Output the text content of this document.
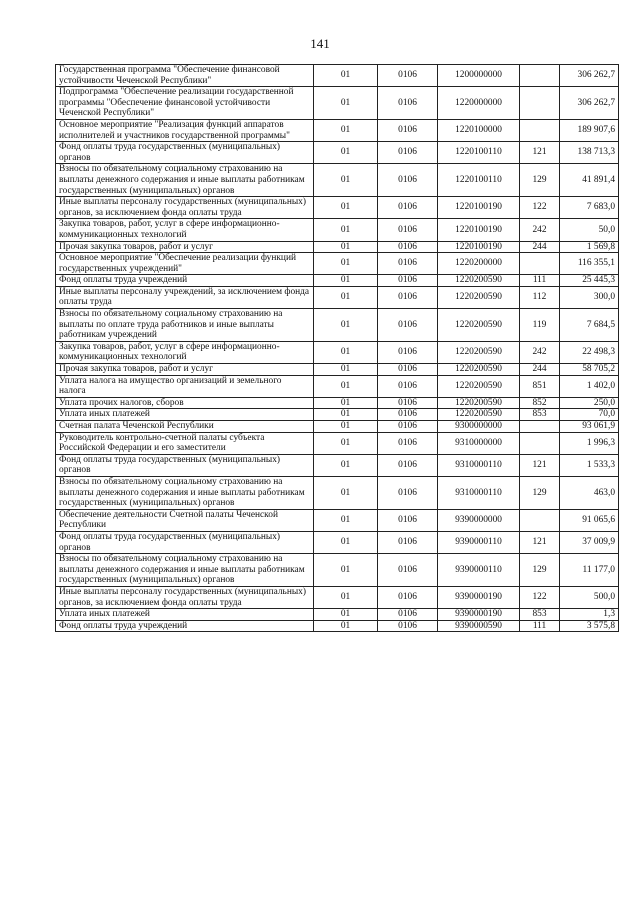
141
Государственная программа "Обеспечение финансовой устойчивости Чеченской Республики"	01	0106	1200000000		306 262,7
Подпрограмма "Обеспечение реализации государственной программы "Обеспечение финансовой устойчивости Чеченской Республики"	01	0106	1220000000		306 262,7
Основное мероприятие "Реализация функций аппаратов исполнителей и участников государственной программы"	01	0106	1220100000		189 907,6
Фонд оплаты труда государственных (муниципальных) органов	01	0106	1220100110	121	138 713,3
Взносы по обязательному социальному страхованию на выплаты денежного содержания и иные выплаты работникам государственных (муниципальных) органов	01	0106	1220100110	129	41 891,4
Иные выплаты персоналу государственных (муниципальных) органов, за исключением фонда оплаты труда	01	0106	1220100190	122	7 683,0
Закупка товаров, работ, услуг в сфере информационно-коммуникационных технологий	01	0106	1220100190	242	50,0
Прочая закупка товаров, работ и услуг	01	0106	1220100190	244	1 569,8
Основное мероприятие "Обеспечение реализации функций государственных учреждений"	01	0106	1220200000		116 355,1
Фонд оплаты труда учреждений	01	0106	1220200590	111	25 445,3
Иные выплаты персоналу учреждений, за исключением фонда оплаты труда	01	0106	1220200590	112	300,0
Взносы по обязательному социальному страхованию на выплаты по оплате труда работников и иные выплаты работникам учреждений	01	0106	1220200590	119	7 684,5
Закупка товаров, работ, услуг в сфере информационно-коммуникационных технологий	01	0106	1220200590	242	22 498,3
Прочая закупка товаров, работ и услуг	01	0106	1220200590	244	58 705,2
Уплата налога на имущество организаций и земельного налога	01	0106	1220200590	851	1 402,0
Уплата прочих налогов, сборов	01	0106	1220200590	852	250,0
Уплата иных платежей	01	0106	1220200590	853	70,0
Счетная палата Чеченской Республики	01	0106	9300000000		93 061,9
Руководитель контрольно-счетной палаты субъекта Российской Федерации и его заместители	01	0106	9310000000		1 996,3
Фонд оплаты труда государственных (муниципальных) органов	01	0106	9310000110	121	1 533,3
Взносы по обязательному социальному страхованию на выплаты денежного содержания и иные выплаты работникам государственных (муниципальных) органов	01	0106	9310000110	129	463,0
Обеспечение деятельности Счетной палаты Чеченской Республики	01	0106	9390000000		91 065,6
Фонд оплаты труда государственных (муниципальных) органов	01	0106	9390000110	121	37 009,9
Взносы по обязательному социальному страхованию на выплаты денежного содержания и иные выплаты работникам государственных (муниципальных) органов	01	0106	9390000110	129	11 177,0
Иные выплаты персоналу государственных (муниципальных) органов, за исключением фонда оплаты труда	01	0106	9390000190	122	500,0
Уплата иных платежей	01	0106	9390000190	853	1,3
Фонд оплаты труда учреждений	01	0106	9390000590	111	3 575,8
